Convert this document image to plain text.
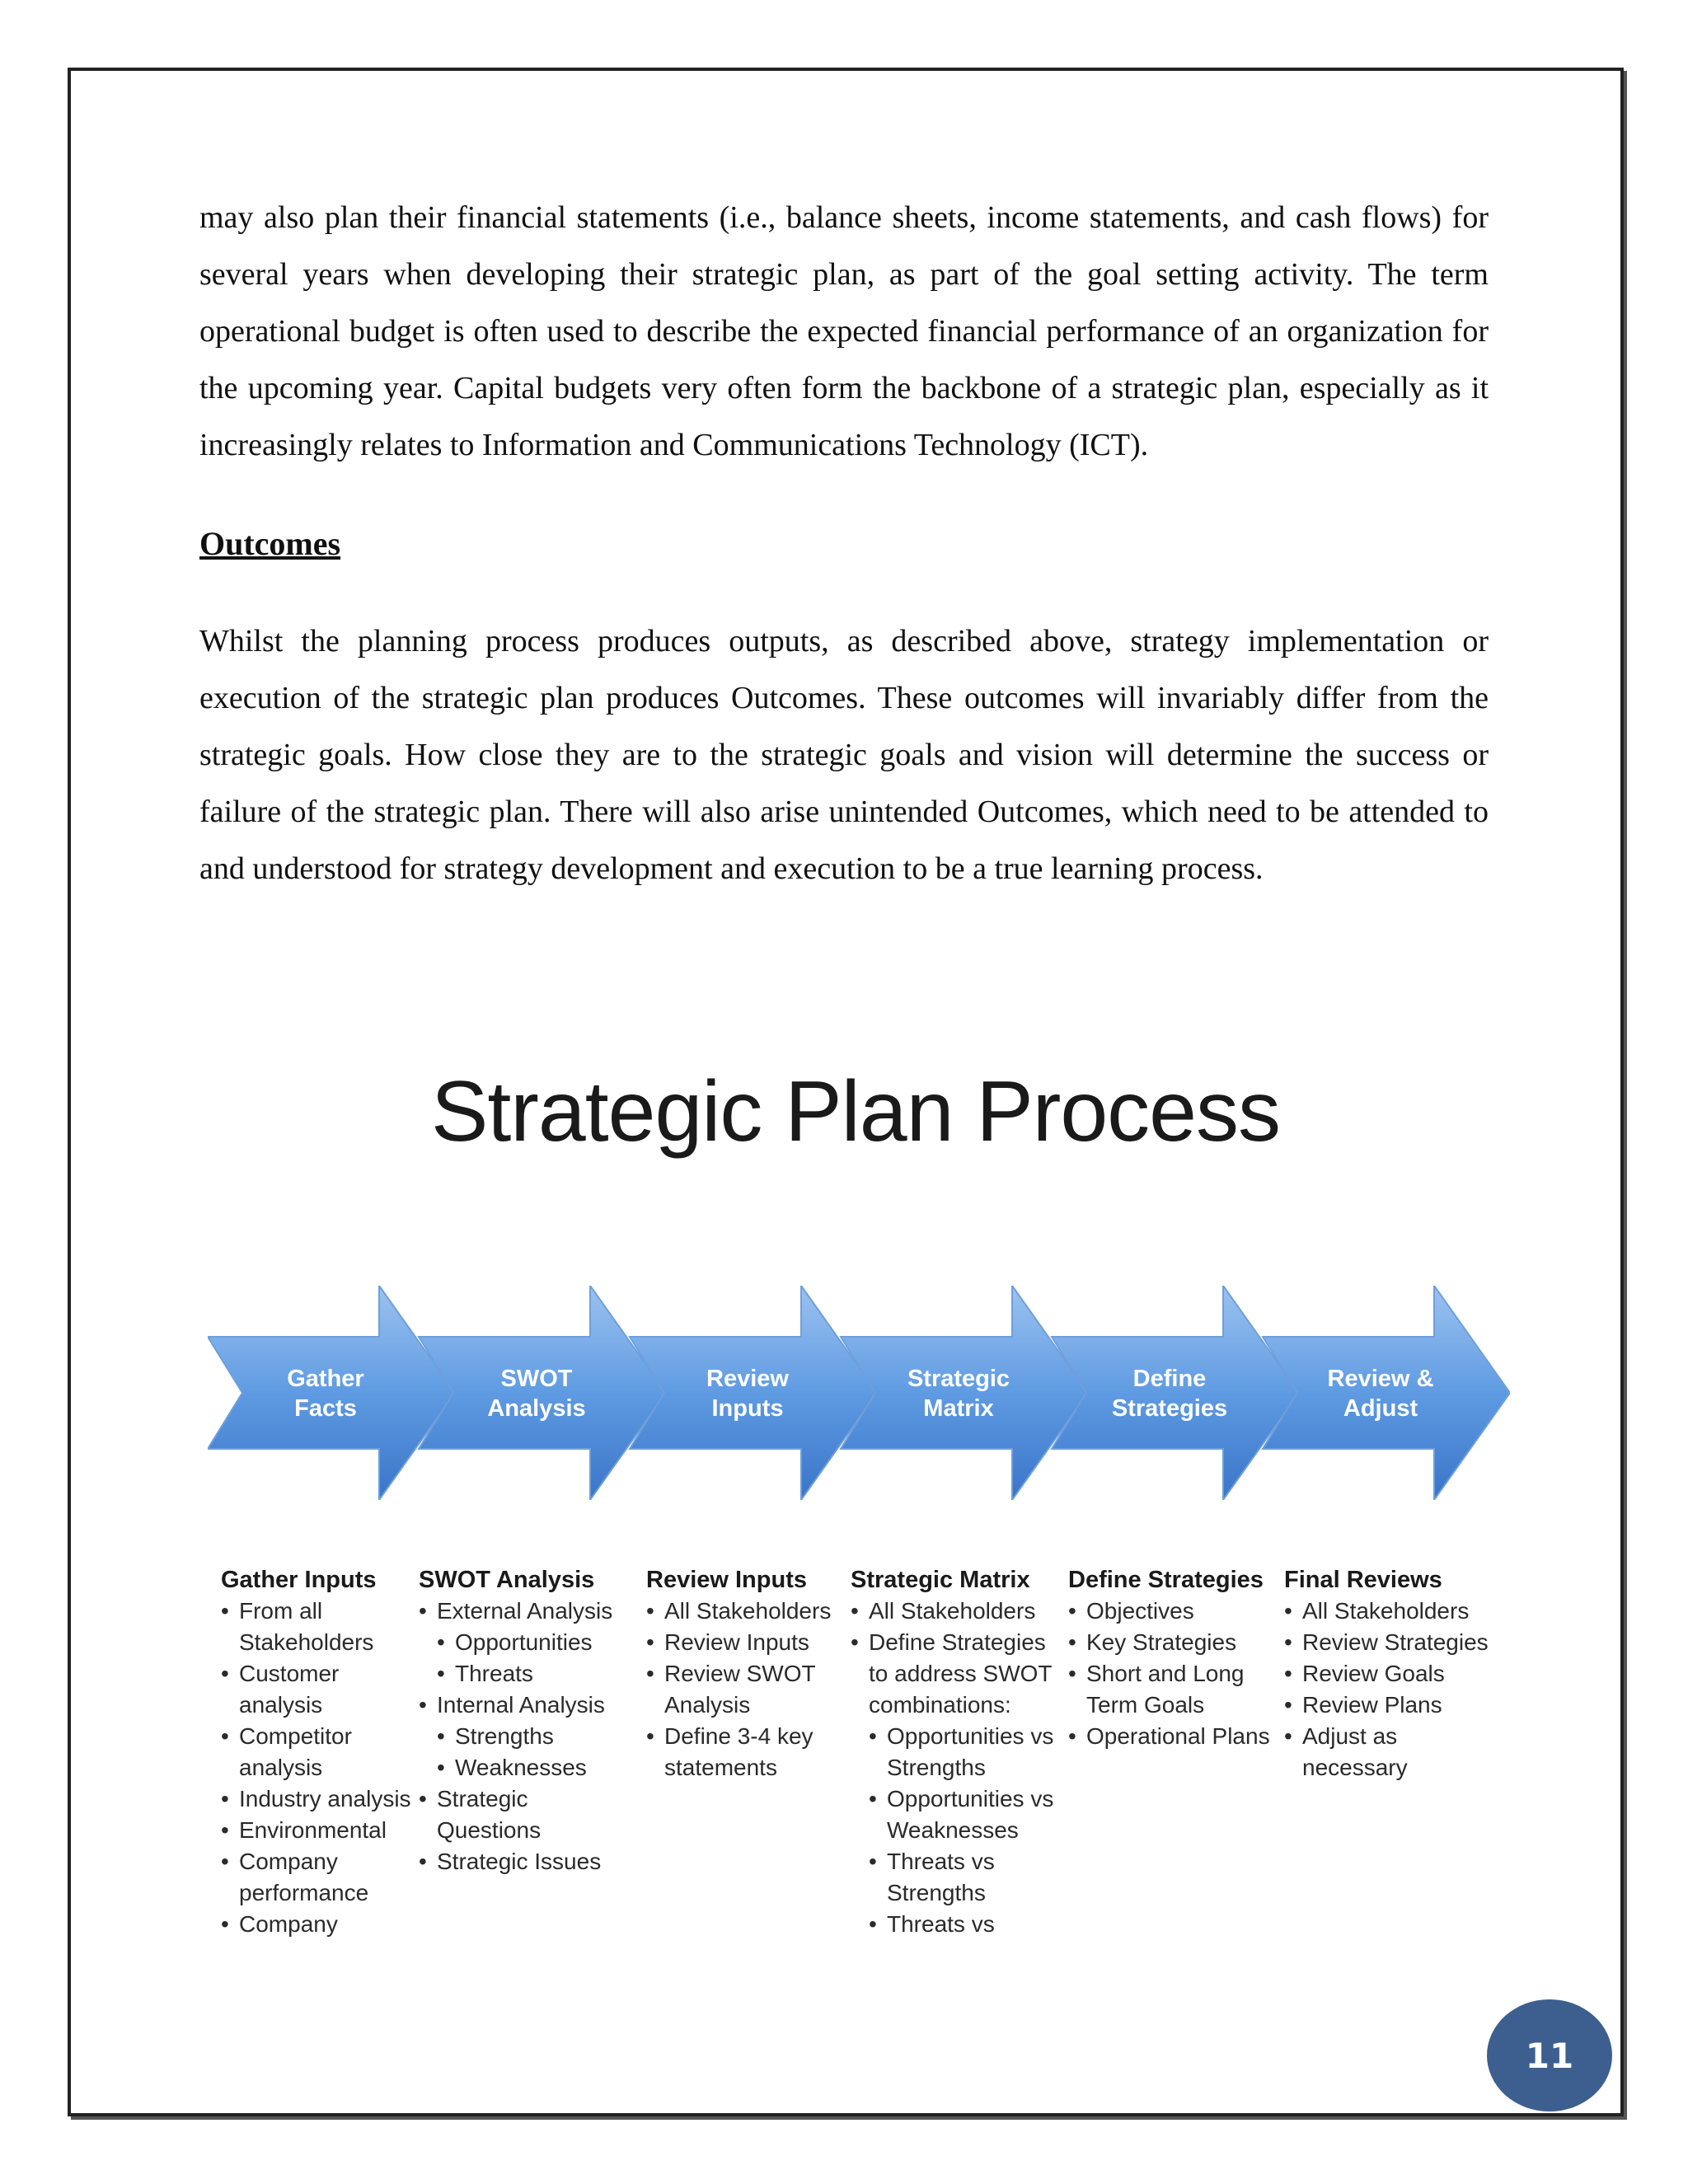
may also plan their financial statements (i.e., balance sheets, income statements, and cash flows) for several years when developing their strategic plan, as part of the goal setting activity. The term operational budget is often used to describe the expected financial performance of an organization for the upcoming year. Capital budgets very often form the backbone of a strategic plan, especially as it increasingly relates to Information and Communications Technology (ICT).

Outcomes

Whilst the planning process produces outputs, as described above, strategy implementation or execution of the strategic plan produces Outcomes. These outcomes will invariably differ from the strategic goals. How close they are to the strategic goals and vision will determine the success or failure of the strategic plan. There will also arise unintended Outcomes, which need to be attended to and understood for strategy development and execution to be a true learning process.

Strategic Plan Process
Gather
Facts
SWOT
Analysis
Review
Inputs
Strategic
Matrix
Define
Strategies
Review &
Adjust
Gather Inputs
• From all
Stakeholders
• Customer
analysis
• Competitor
analysis
• Industry analysis
• Environmental
• Company
performance
• Company
SWOT Analysis
• External Analysis
• Opportunities
• Threats
• Internal Analysis
• Strengths
• Weaknesses
• Strategic
Questions
• Strategic Issues
Review Inputs
• All Stakeholders
• Review Inputs
• Review SWOT
Analysis
• Define 3-4 key
statements
Strategic Matrix
• All Stakeholders
• Define Strategies
to address SWOT
combinations:
• Opportunities vs
Strengths
• Opportunities vs
Weaknesses
• Threats vs
Strengths
• Threats vs
Define Strategies
• Objectives
• Key Strategies
• Short and Long
Term Goals
• Operational Plans
Final Reviews
• All Stakeholders
• Review Strategies
• Review Goals
• Review Plans
• Adjust as
necessary
11
